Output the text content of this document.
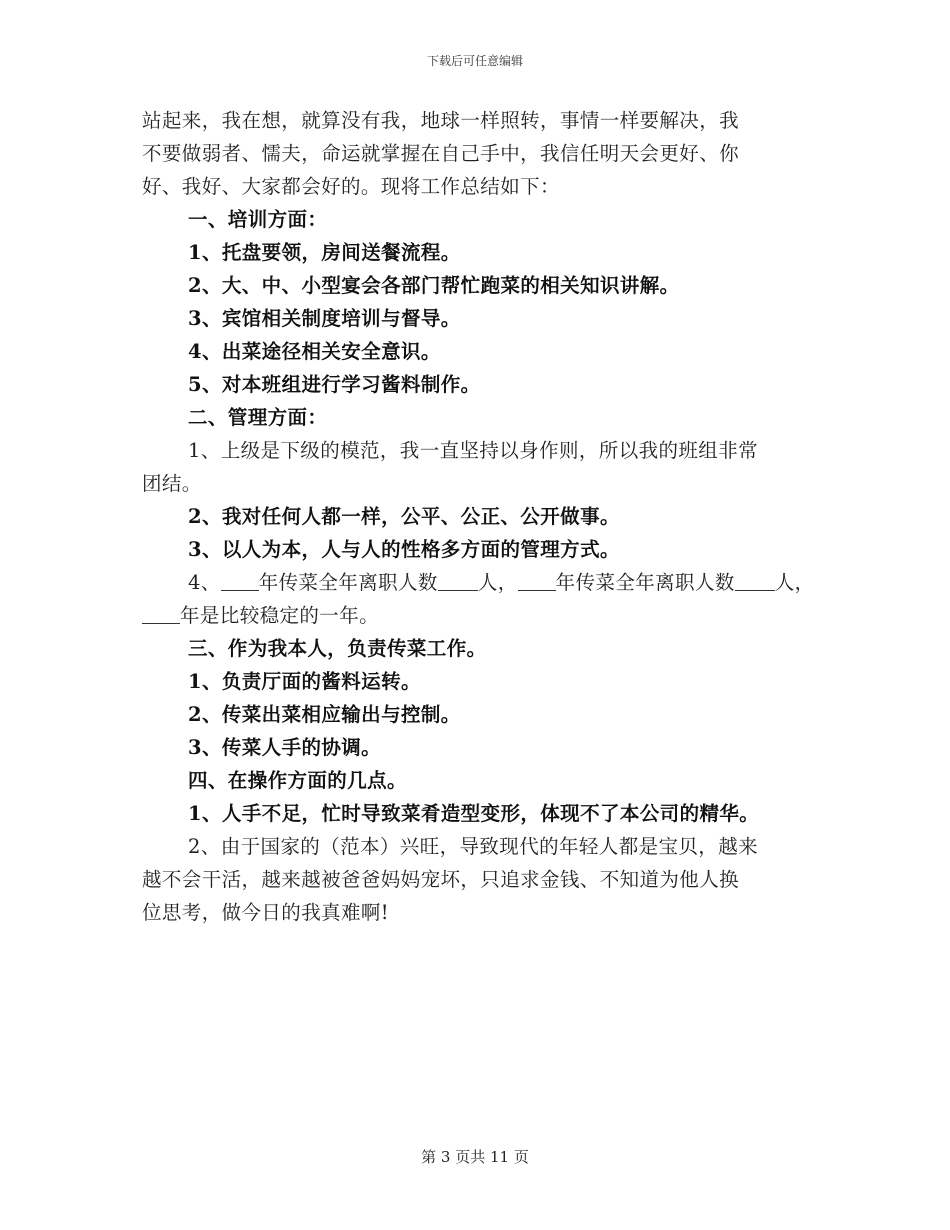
下载后可任意编辑
站起来，我在想，就算没有我，地球一样照转，事情一样要解决，我
不要做弱者、懦夫，命运就掌握在自己手中，我信任明天会更好、你
好、我好、大家都会好的。现将工作总结如下：
一、培训方面：
1、托盘要领，房间送餐流程。
2、大、中、小型宴会各部门帮忙跑菜的相关知识讲解。
3、宾馆相关制度培训与督导。
4、出菜途径相关安全意识。
5、对本班组进行学习酱料制作。
二、管理方面：
1、上级是下级的模范，我一直坚持以身作则，所以我的班组非常
团结。
2、我对任何人都一样，公平、公正、公开做事。
3、以人为本，人与人的性格多方面的管理方式。
4、 年传菜全年离职人数 人， 年传菜全年离职人数 人，
年是比较稳定的一年。
三、作为我本人，负责传菜工作。
1、负责厅面的酱料运转。
2、传菜出菜相应输出与控制。
3、传菜人手的协调。
四、在操作方面的几点。
1、人手不足，忙时导致菜肴造型变形，体现不了本公司的精华。
2、由于国家的（范本）兴旺，导致现代的年轻人都是宝贝，越来
越不会干活，越来越被爸爸妈妈宠坏，只追求金钱、不知道为他人换
位思考，做今日的我真难啊!
第 3 页共 11 页
